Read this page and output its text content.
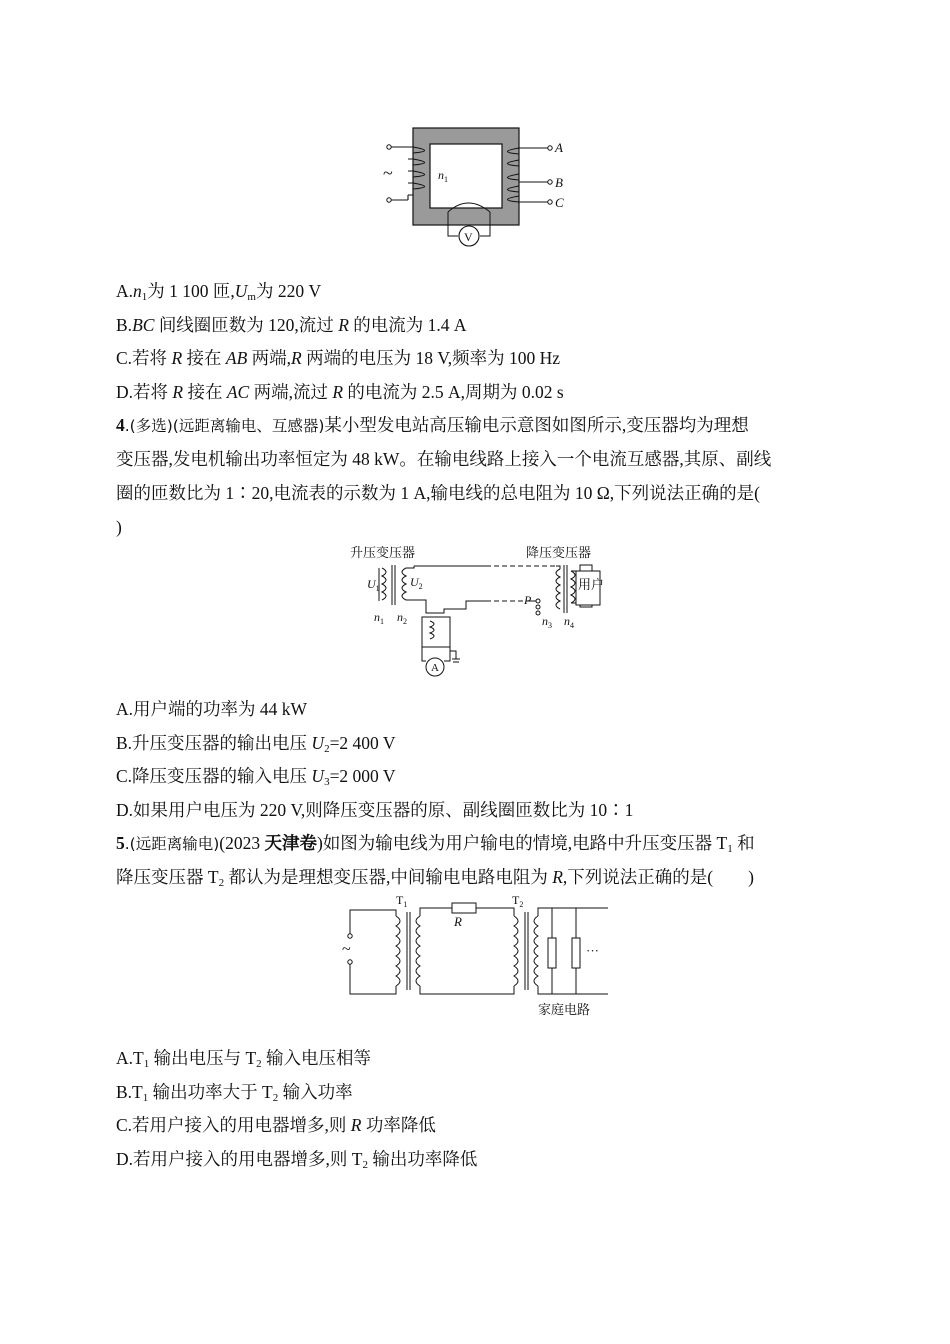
~	$n_1$
A
B
C
V
$A.n_1$为 1 100 匝$,U_m$为 220 V
B.BC 间线圈匝数为 120,流过 R 的电流为 1.4 A
C.若将 R 接在 AB 两端,R 两端的电压为 18 V,频率为 100 Hz
D.若将 R 接在 AC 两端,流过 R 的电流为 2.5 A,周期为 0.02 s
4.(多选)(远距离输电、互感器)某小型发电站高压输电示意图如图所示,变压器均为理想
变压器,发电机输出功率恒定为 48 kW。在输电线路上接入一个电流互感器,其原、副线
圈的匝数比为 1∶20,电流表的示数为 1 A,输电线的总电阻为 10 Ω,下列说法正确的是(
)
升压变压器	降压变压器
$U_1$	$U_2$
$n_1$ $n_2$
用户
P
$n_3$ $n_4$
A
A.用户端的功率为 44 kW
B.升压变压器的输出电压 $U_2=2$ 400 V
C.降压变压器的输入电压 $U_3=2$ 000 V
D.如果用户电压为 220 V,则降压变压器的原、副线圈匝数比为 10∶1
5.(远距离输电)(2023 天津卷)如图为输电线为用户输电的情境,电路中升压变压器 $T_1$ 和
降压变压器 $T_2$ 都认为是理想变压器,中间输电电路电阻为 R,下列说法正确的是(　　)
$T_1$	$T_2$
~
R
···
家庭电路
$A.T_1$ 输出电压与 $T_2$ 输入电压相等
$B.T_1$ 输出功率大于 $T_2$ 输入功率
C.若用户接入的用电器增多,则 R 功率降低
D.若用户接入的用电器增多,则 $T_2$ 输出功率降低
